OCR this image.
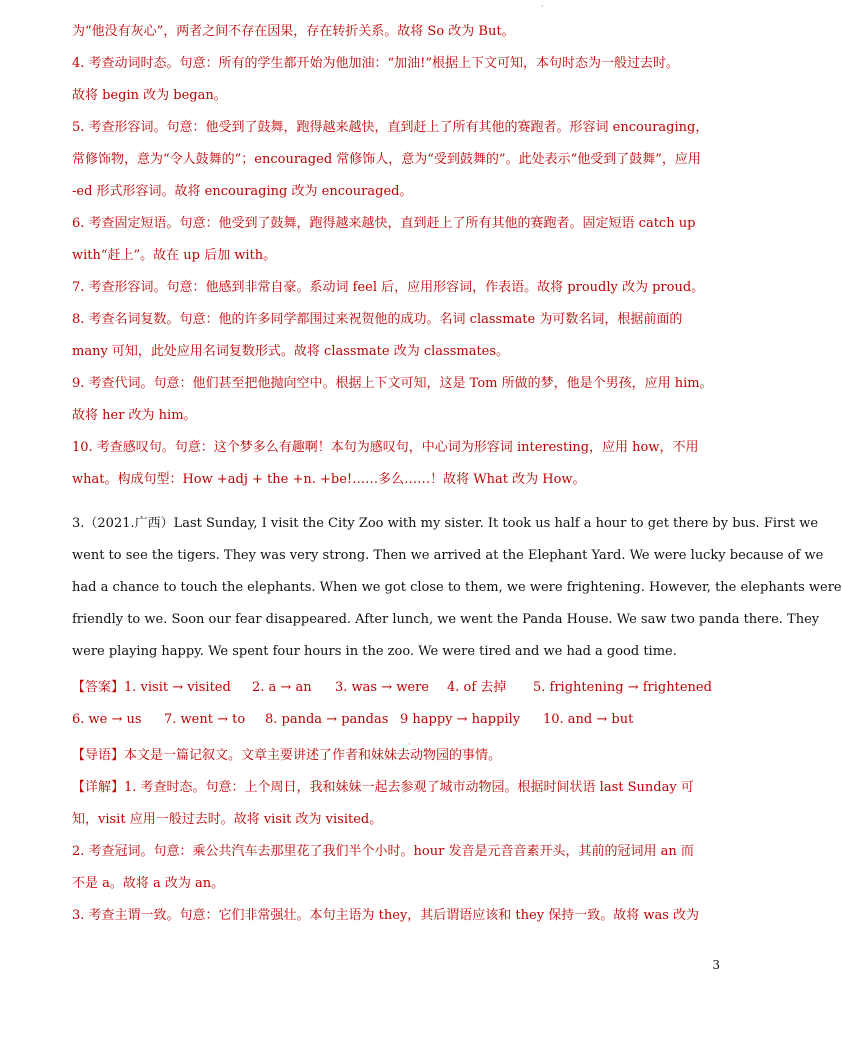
为“他没有灰心”，两者之间不存在因果，存在转折关系。故将 So 改为 But。
4. 考查动词时态。句意：所有的学生都开始为他加油：“加油!”根据上下文可知，本句时态为一般过去时。
故将 begin 改为 began。
5. 考查形容词。句意：他受到了鼓舞，跑得越来越快，直到赶上了所有其他的赛跑者。形容词 encouraging，
常修饰物，意为“令人鼓舞的”；encouraged 常修饰人，意为“受到鼓舞的”。此处表示“他受到了鼓舞”，应用
-ed 形式形容词。故将 encouraging 改为 encouraged。
6. 考查固定短语。句意：他受到了鼓舞，跑得越来越快，直到赶上了所有其他的赛跑者。固定短语 catch up
with“赶上”。故在 up 后加 with。
7. 考查形容词。句意：他感到非常自豪。系动词 feel 后，应用形容词，作表语。故将 proudly 改为 proud。
8. 考查名词复数。句意：他的许多同学都围过来祝贺他的成功。名词 classmate 为可数名词，根据前面的
many 可知，此处应用名词复数形式。故将 classmate 改为 classmates。
9. 考查代词。句意：他们甚至把他抛向空中。根据上下文可知，这是 Tom 所做的梦，他是个男孩，应用 him。
故将 her 改为 him。
10. 考查感叹句。句意：这个梦多么有趣啊！本句为感叹句，中心词为形容词 interesting，应用 how，不用
what。构成句型：How +adj + the +n. +be!……多么……！故将 What 改为 How。
3.（2021.广西）Last Sunday, I visit the City Zoo with my sister. It took us half a hour to get there by bus. First we
went to see the tigers. They was very strong. Then we arrived at the Elephant Yard. We were lucky because of we
had a chance to touch the elephants. When we got close to them, we were frightening. However, the elephants were
friendly to we. Soon our fear disappeared. After lunch, we went the Panda House. We saw two panda there. They
were playing happy. We spent four hours in the zoo. We were tired and we had a good time.
【答案】1. visit → visited	2. a → an	3. was → were	4. of 去掉	5. frightening → frightened
6. we → us	7. went → to	8. panda → pandas 9 happy → happily	10. and → but
【导语】本文是一篇记叙文。文章主要讲述了作者和妹妹去动物园的事情。
【详解】1. 考查时态。句意：上个周日，我和妹妹一起去参观了城市动物园。根据时间状语 last Sunday 可
知，visit 应用一般过去时。故将 visit 改为 visited。
2. 考查冠词。句意：乘公共汽车去那里花了我们半个小时。hour 发音是元音音素开头，其前的冠词用 an 而
不是 a。故将 a 改为 an。
3. 考查主谓一致。句意：它们非常强壮。本句主语为 they，其后谓语应该和 they 保持一致。故将 was 改为
·
·
3
